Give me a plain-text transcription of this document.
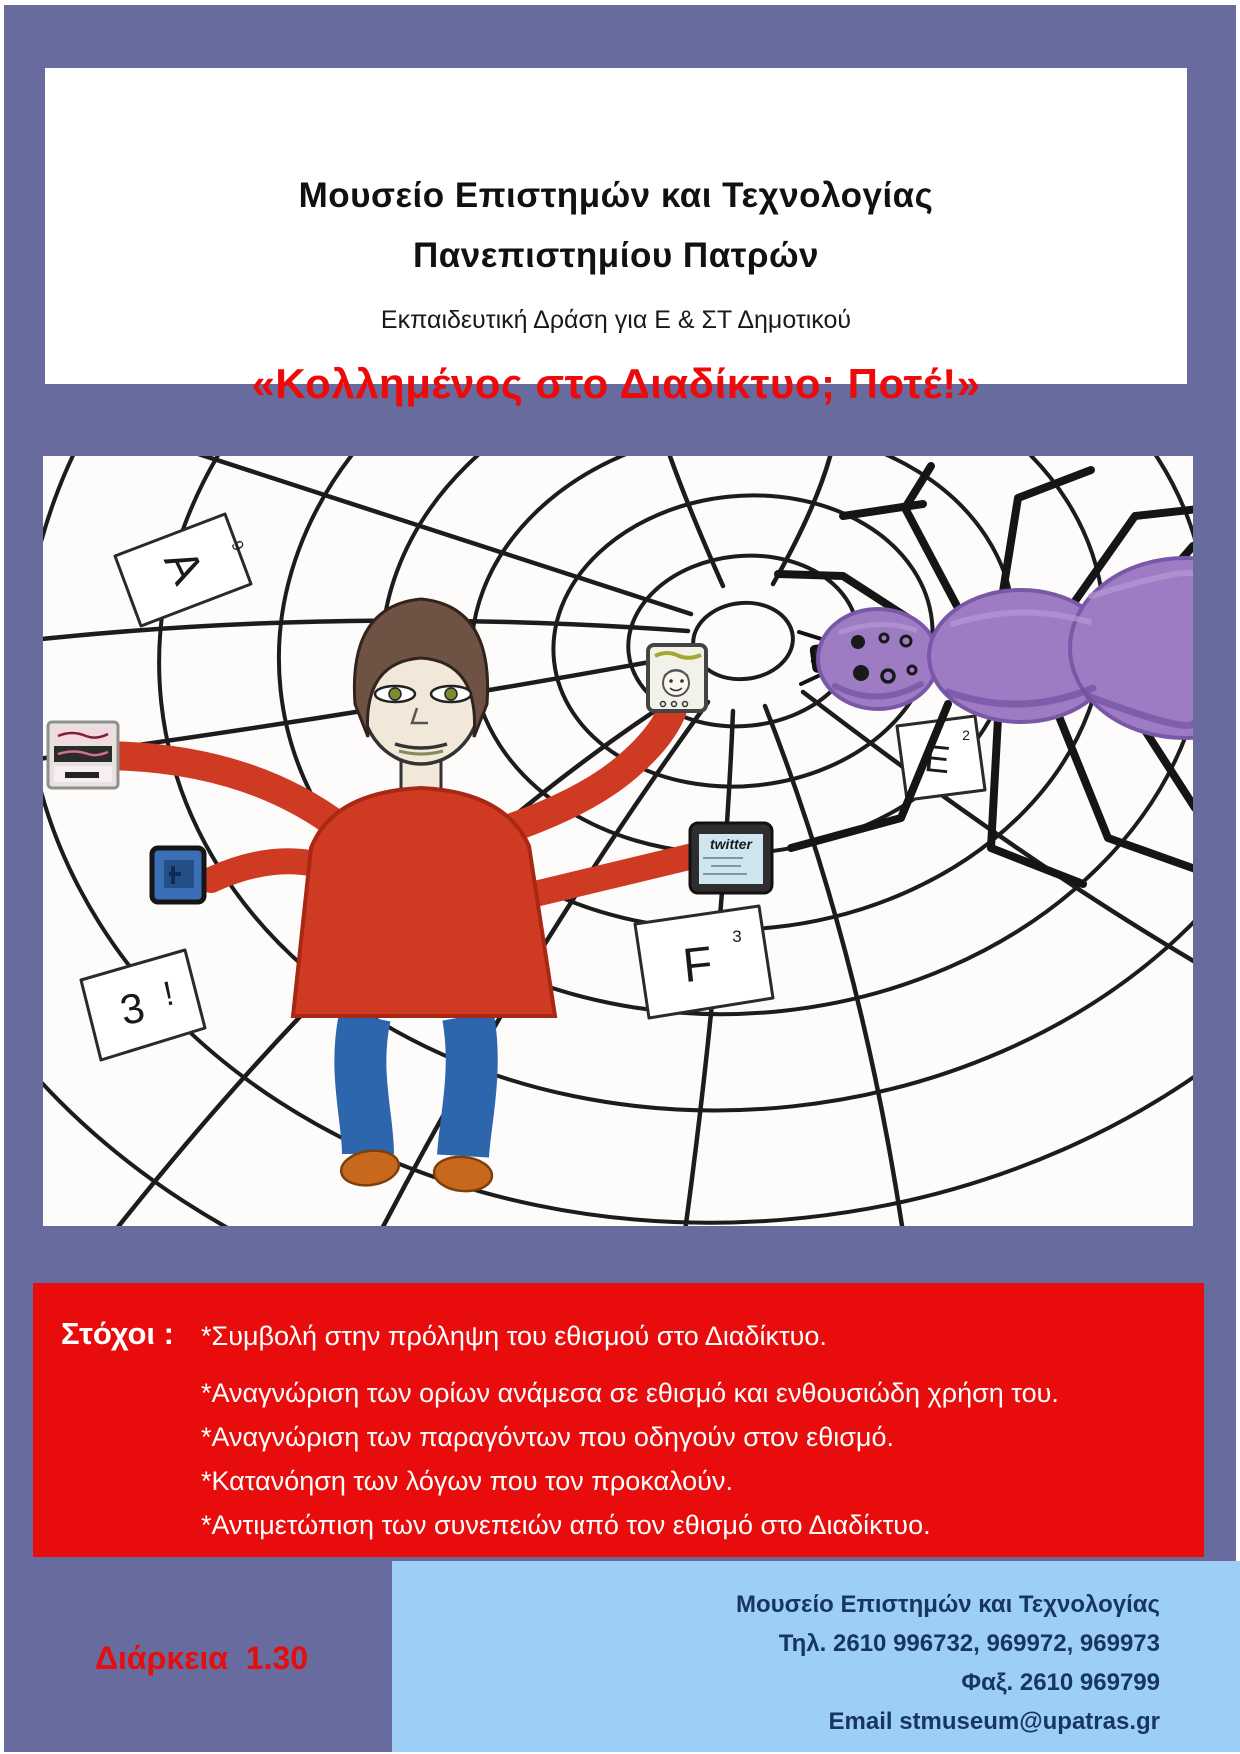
Μουσείο Επιστημών και Τεχνολογίας
Πανεπιστημίου Πατρών
Εκπαιδευτική Δράση για Ε & ΣΤ Δημοτικού
«Κολλημένος στο Διαδίκτυο; Ποτέ!»
A 9
3 !
F
3
E
2
twitter
Στόχοι : *Συμβολή στην πρόληψη του εθισμού στο Διαδίκτυο.
*Αναγνώριση των ορίων ανάμεσα σε εθισμό και ενθουσιώδη χρήση του.
*Αναγνώριση των παραγόντων που οδηγούν στον εθισμό.
*Κατανόηση των λόγων που τον προκαλούν.
*Αντιμετώπιση των συνεπειών από τον εθισμό στο Διαδίκτυο.
Διάρκεια  1.30
Μουσείο Επιστημών και Τεχνολογίας
Τηλ. 2610 996732, 969972, 969973
Φαξ. 2610 969799
Email stmuseum@upatras.gr
